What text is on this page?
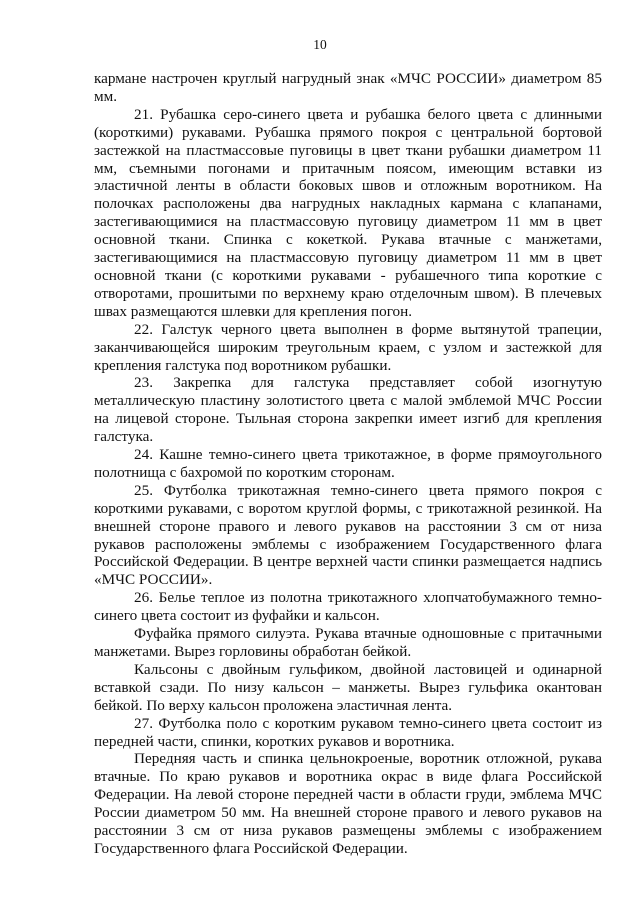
10

кармане настрочен круглый нагрудный знак «МЧС РОССИИ» диаметром 85 мм.

21. Рубашка серо-синего цвета и рубашка белого цвета с длинными (короткими) рукавами. Рубашка прямого покроя с центральной бортовой застежкой на пластмассовые пуговицы в цвет ткани рубашки диаметром 11 мм, съемными погонами и притачным поясом, имеющим вставки из эластичной ленты в области боковых швов и отложным воротником. На полочках расположены два нагрудных накладных кармана с клапанами, застегивающимися на пластмассовую пуговицу диаметром 11 мм в цвет основной ткани. Спинка с кокеткой. Рукава втачные с манжетами, застегивающимися на пластмассовую пуговицу диаметром 11 мм в цвет основной ткани (с короткими рукавами - рубашечного типа короткие с отворотами, прошитыми по верхнему краю отделочным швом). В плечевых швах размещаются шлевки для крепления погон.

22. Галстук черного цвета выполнен в форме вытянутой трапеции, заканчивающейся широким треугольным краем, с узлом и застежкой для крепления галстука под воротником рубашки.

23. Закрепка для галстука представляет собой изогнутую металлическую пластину золотистого цвета с малой эмблемой МЧС России на лицевой стороне. Тыльная сторона закрепки имеет изгиб для крепления галстука.

24. Кашне темно-синего цвета трикотажное, в форме прямоугольного полотнища с бахромой по коротким сторонам.

25. Футболка трикотажная темно-синего цвета прямого покроя с короткими рукавами, с воротом круглой формы, с трикотажной резинкой. На внешней стороне правого и левого рукавов на расстоянии 3 см от низа рукавов расположены эмблемы с изображением Государственного флага Российской Федерации. В центре верхней части спинки размещается надпись «МЧС РОССИИ».

26. Белье теплое из полотна трикотажного хлопчатобумажного темно-синего цвета состоит из фуфайки и кальсон.

Фуфайка прямого силуэта. Рукава втачные одношовные с притачными манжетами. Вырез горловины обработан бейкой.

Кальсоны с двойным гульфиком, двойной ластовицей и одинарной вставкой сзади. По низу кальсон – манжеты. Вырез гульфика окантован бейкой. По верху кальсон проложена эластичная лента.

27. Футболка поло с коротким рукавом темно-синего цвета состоит из передней части, спинки, коротких рукавов и воротника.

Передняя часть и спинка цельнокроеные, воротник отложной, рукава втачные. По краю рукавов и воротника окрас в виде флага Российской Федерации. На левой стороне передней части в области груди, эмблема МЧС России диаметром 50 мм. На внешней стороне правого и левого рукавов на расстоянии 3 см от низа рукавов размещены эмблемы с изображением Государственного флага Российской Федерации.
